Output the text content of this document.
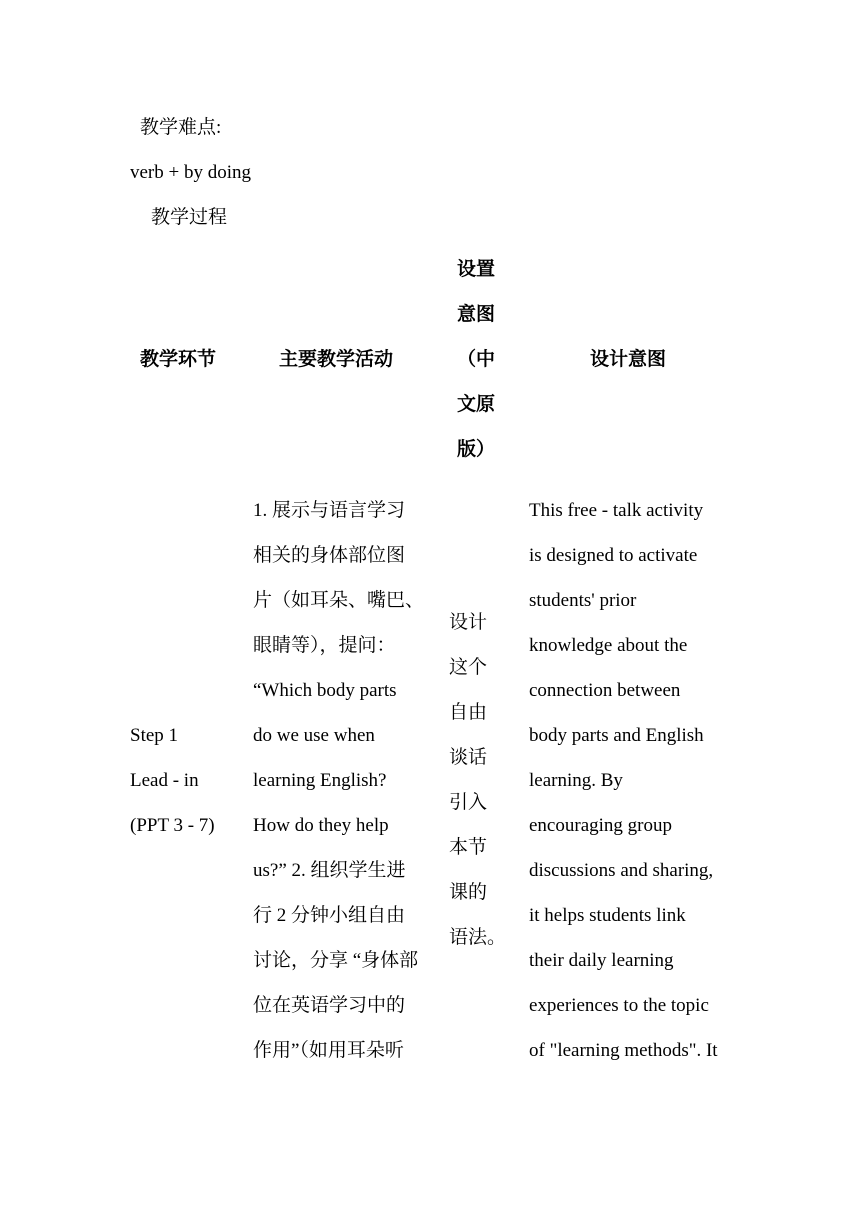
教学难点:
verb + by doing
教学过程
教学环节	主要教学活动
设置
意图
（中
文原
版）
设计意图
Step 1
Lead - in
(PPT 3 - 7)
1. 展示与语言学习
相关的身体部位图
片（如耳朵、嘴巴、
眼睛等），提问：
“Which body parts
do we use when
learning English?
How do they help
us?” 2. 组织学生进
行 2 分钟小组自由
讨论，分享 “身体部
位在英语学习中的
作用”（如用耳朵听
设计
这个
自由
谈话
引入
本节
课的
语法。
This free - talk activity
is designed to activate
students' prior
knowledge about the
connection between
body parts and English
learning. By
encouraging group
discussions and sharing,
it helps students link
their daily learning
experiences to the topic
of "learning methods". It
